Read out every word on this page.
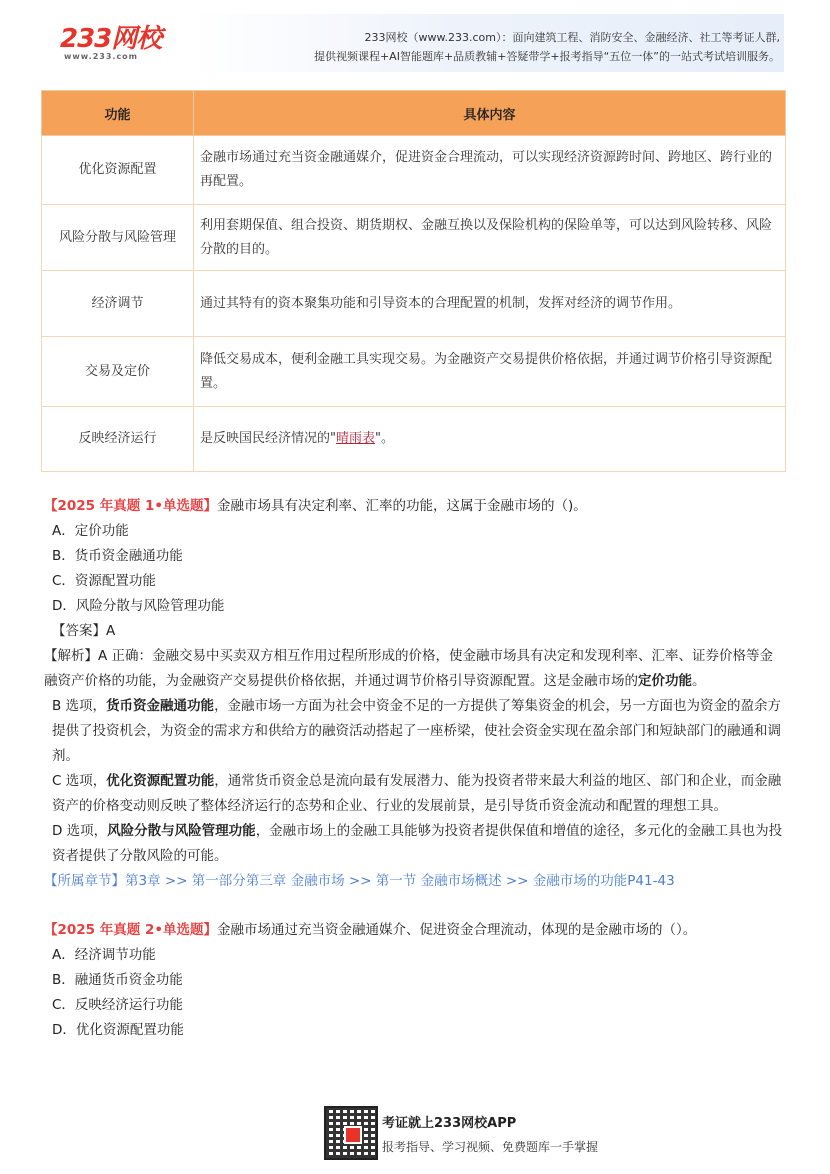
233网校
www.233.com
233网校（www.233.com）：面向建筑工程、消防安全、金融经济、社工等考证人群,
提供视频课程+AI智能题库+品质教辅+答疑带学+报考指导“五位一体”的一站式考试培训服务。
功能	具体内容
优化资源配置	金融市场通过充当资金融通媒介，促进资金合理流动，可以实现经济资源跨时间、跨地区、跨行业的再配置。
风险分散与风险管理	利用套期保值、组合投资、期货期权、金融互换以及保险机构的保险单等，可以达到风险转移、风险分散的目的。
经济调节	通过其特有的资本聚集功能和引导资本的合理配置的机制，发挥对经济的调节作用。
交易及定价	降低交易成本，便利金融工具实现交易。为金融资产交易提供价格依据，并通过调节价格引导资源配置。
反映经济运行	是反映国民经济情况的"晴雨表"。

【2025 年真题 1•单选题】金融市场具有决定利率、汇率的功能，这属于金融市场的（)。

A．定价功能

B．货币资金融通功能

C．资源配置功能

D．风险分散与风险管理功能

【答案】A

【解析】A 正确：金融交易中买卖双方相互作用过程所形成的价格，使金融市场具有决定和发现利率、汇率、证券价格等金融资产价格的功能，为金融资产交易提供价格依据，并通过调节价格引导资源配置。这是金融市场的定价功能。

B 选项，货币资金融通功能，金融市场一方面为社会中资金不足的一方提供了筹集资金的机会，另一方面也为资金的盈余方提供了投资机会，为资金的需求方和供给方的融资活动搭起了一座桥梁，使社会资金实现在盈余部门和短缺部门的融通和调剂。

C 选项，优化资源配置功能，通常货币资金总是流向最有发展潜力、能为投资者带来最大利益的地区、部门和企业，而金融资产的价格变动则反映了整体经济运行的态势和企业、行业的发展前景，是引导货币资金流动和配置的理想工具。

D 选项，风险分散与风险管理功能，金融市场上的金融工具能够为投资者提供保值和增值的途径，多元化的金融工具也为投资者提供了分散风险的可能。

【所属章节】第3章 >> 第一部分第三章 金融市场 >> 第一节 金融市场概述 >> 金融市场的功能P41-43

【2025 年真题 2•单选题】金融市场通过充当资金融通媒介、促进资金合理流动，体现的是金融市场的（）。

A．经济调节功能

B．融通货币资金功能

C．反映经济运行功能

D．优化资源配置功能

考证就上233网校APP
报考指导、学习视频、免费题库一手掌握
